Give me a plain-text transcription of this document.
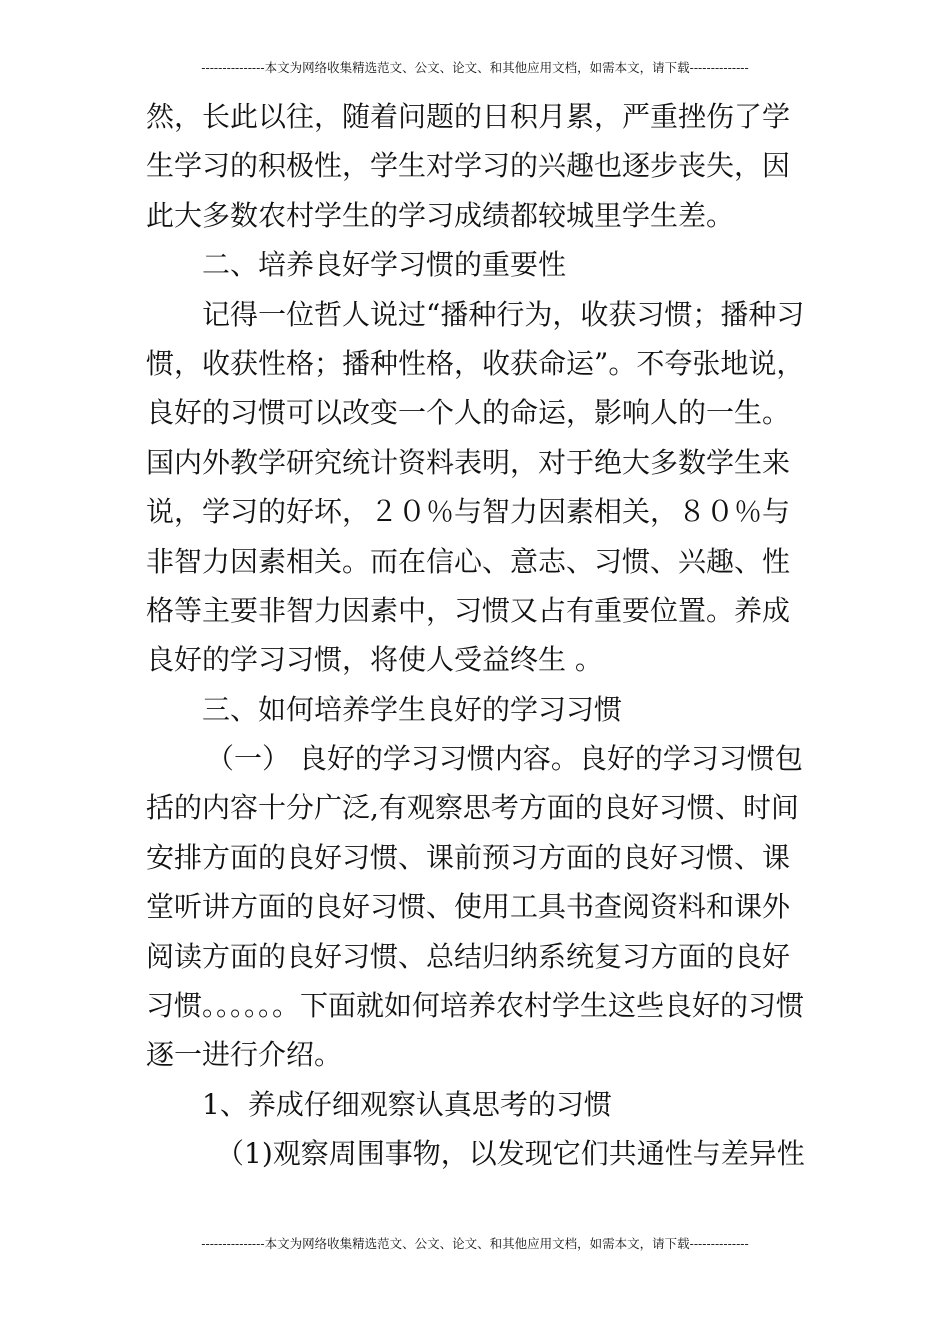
---------------本文为网络收集精选范文、公文、论文、和其他应用文档，如需本文，请下载--------------
然，长此以往，随着问题的日积月累，严重挫伤了学
生学习的积极性，学生对学习的兴趣也逐步丧失，因
此大多数农村学生的学习成绩都较城里学生差。
二、培养良好学习惯的重要性
记得一位哲人说过“播种行为，收获习惯；播种习
惯，收获性格；播种性格，收获命运”。不夸张地说，
良好的习惯可以改变一个人的命运，影响人的一生。
国内外教学研究统计资料表明，对于绝大多数学生来
说，学习的好坏，２０％与智力因素相关，８０％与
非智力因素相关。而在信心、意志、习惯、兴趣、性
格等主要非智力因素中，习惯又占有重要位置。养成
良好的学习习惯，将使人受益终生 。
三、如何培养学生良好的学习习惯
（一） 良好的学习习惯内容。良好的学习习惯包
括的内容十分广泛,有观察思考方面的良好习惯、时间
安排方面的良好习惯、课前预习方面的良好习惯、课
堂听讲方面的良好习惯、使用工具书查阅资料和课外
阅读方面的良好习惯、总结归纳系统复习方面的良好
习惯。。。。。。下面就如何培养农村学生这些良好的习惯
逐一进行介绍。
1、养成仔细观察认真思考的习惯
（1)观察周围事物，以发现它们共通性与差异性
---------------本文为网络收集精选范文、公文、论文、和其他应用文档，如需本文，请下载--------------
